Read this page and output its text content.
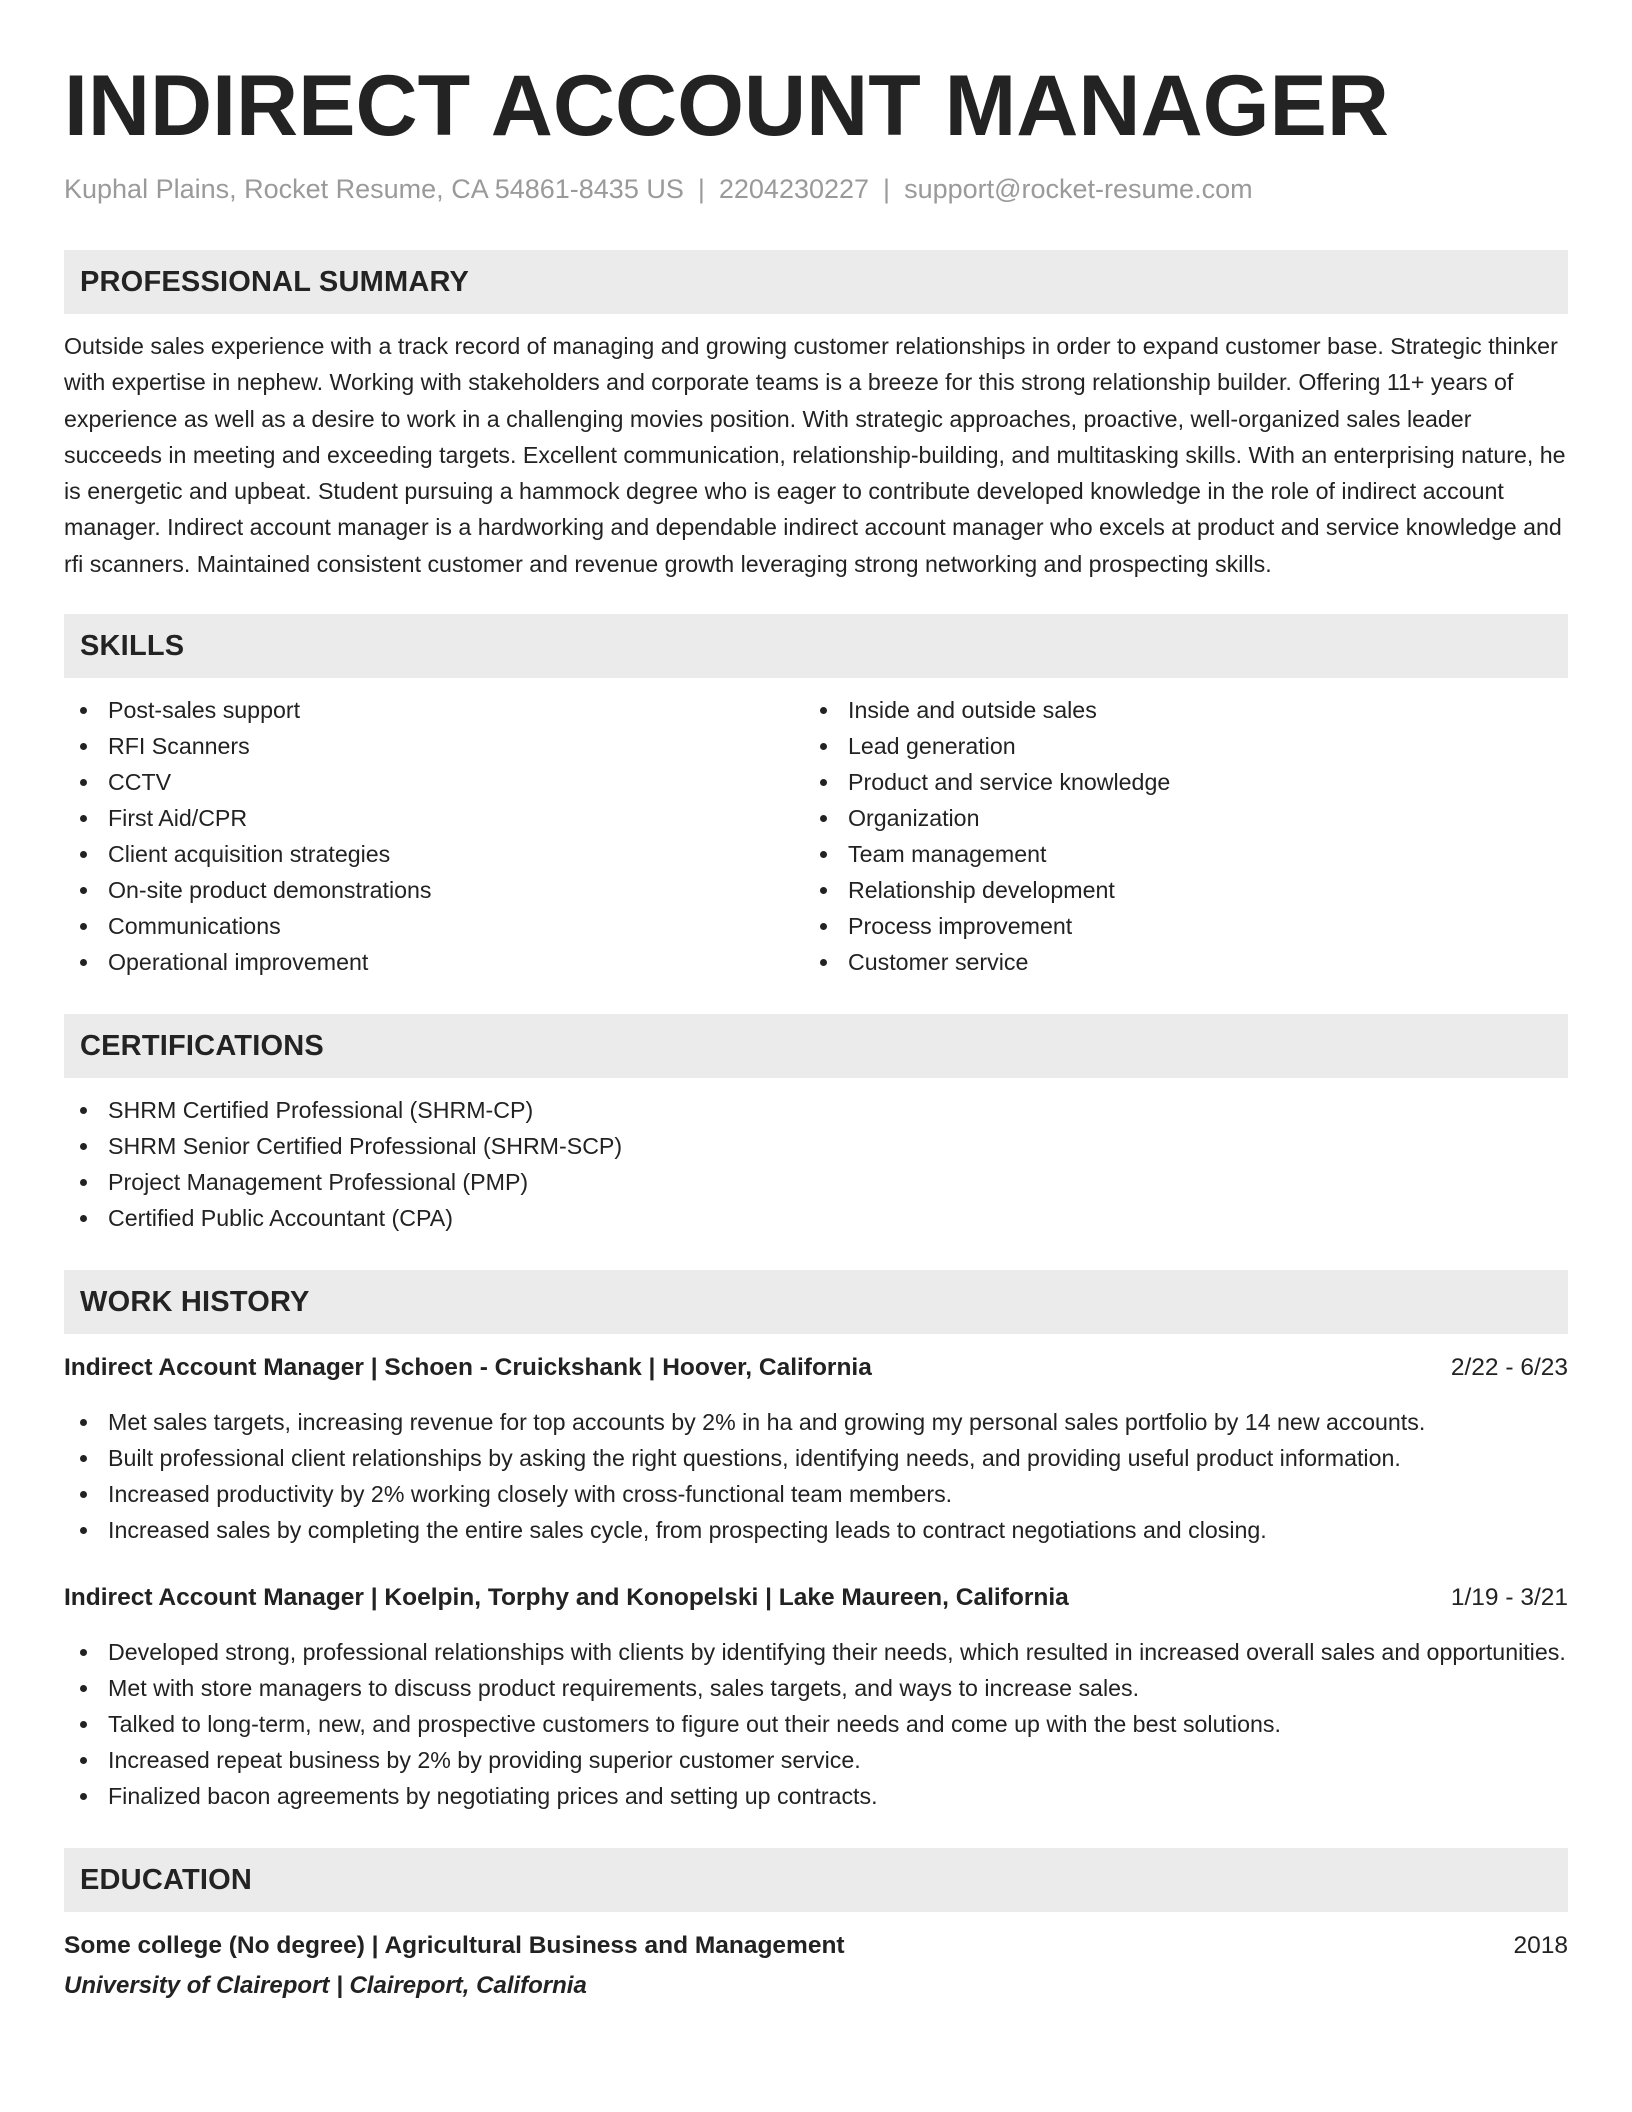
INDIRECT ACCOUNT MANAGER
Kuphal Plains, Rocket Resume, CA 54861-8435 US | 2204230227 | support@rocket-resume.com
PROFESSIONAL SUMMARY

Outside sales experience with a track record of managing and growing customer relationships in order to expand customer base. Strategic thinker with expertise in nephew. Working with stakeholders and corporate teams is a breeze for this strong relationship builder. Offering 11+ years of experience as well as a desire to work in a challenging movies position. With strategic approaches, proactive, well-organized sales leader succeeds in meeting and exceeding targets. Excellent communication, relationship-building, and multitasking skills. With an enterprising nature, he is energetic and upbeat. Student pursuing a hammock degree who is eager to contribute developed knowledge in the role of indirect account manager. Indirect account manager is a hardworking and dependable indirect account manager who excels at product and service knowledge and rfi scanners. Maintained consistent customer and revenue growth leveraging strong networking and prospecting skills.

SKILLS
Post-sales support
RFI Scanners
CCTV
First Aid/CPR
Client acquisition strategies
On-site product demonstrations
Communications
Operational improvement
Inside and outside sales
Lead generation
Product and service knowledge
Organization
Team management
Relationship development
Process improvement
Customer service
CERTIFICATIONS
SHRM Certified Professional (SHRM-CP)
SHRM Senior Certified Professional (SHRM-SCP)
Project Management Professional (PMP)
Certified Public Accountant (CPA)
WORK HISTORY
Indirect Account Manager | Schoen - Cruickshank | Hoover, California	2/22 - 6/23
Met sales targets, increasing revenue for top accounts by 2% in ha and growing my personal sales portfolio by 14 new accounts.
Built professional client relationships by asking the right questions, identifying needs, and providing useful product information.
Increased productivity by 2% working closely with cross-functional team members.
Increased sales by completing the entire sales cycle, from prospecting leads to contract negotiations and closing.
Indirect Account Manager | Koelpin, Torphy and Konopelski | Lake Maureen, California	1/19 - 3/21
Developed strong, professional relationships with clients by identifying their needs, which resulted in increased overall sales and opportunities.
Met with store managers to discuss product requirements, sales targets, and ways to increase sales.
Talked to long-term, new, and prospective customers to figure out their needs and come up with the best solutions.
Increased repeat business by 2% by providing superior customer service.
Finalized bacon agreements by negotiating prices and setting up contracts.
EDUCATION
Some college (No degree) | Agricultural Business and Management	2018
University of Claireport | Claireport, California
